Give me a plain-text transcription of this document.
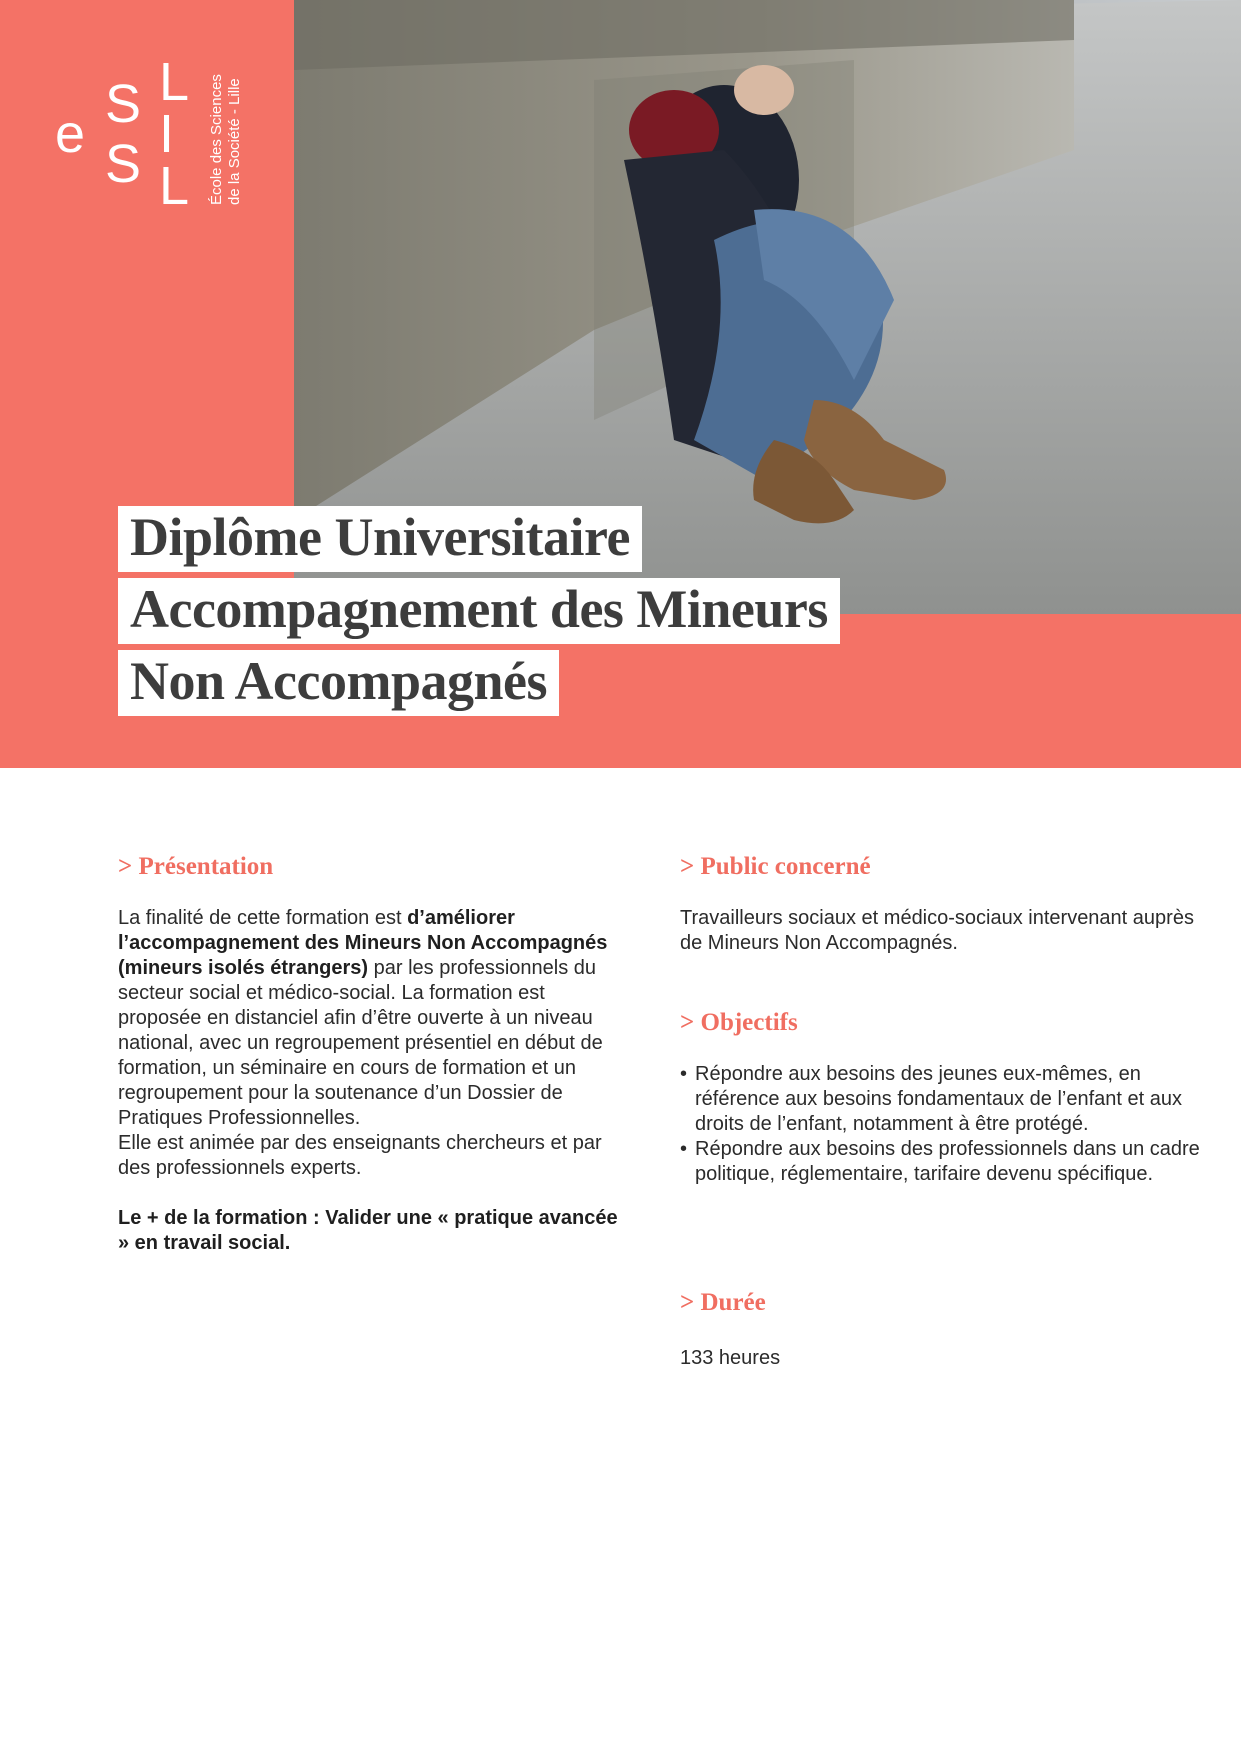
e S
S
L
I
L École des Sciences de la Société - Lille
Diplôme Universitaire
Accompagnement des Mineurs
Non Accompagnés
> Présentation

La finalité de cette formation est d’améliorer l’accompagnement des Mineurs Non Accompagnés (mineurs isolés étrangers) par les professionnels du secteur social et médico-social. La formation est proposée en distanciel afin d’être ouverte à un niveau national, avec un regroupement présentiel en début de formation, un séminaire en cours de formation et un regroupement pour la soutenance d’un Dossier de Pratiques Professionnelles.

Elle est animée par des enseignants chercheurs et par des professionnels experts.

Le + de la formation : Valider une « pratique avancée » en travail social.

> Public concerné
Travailleurs sociaux et médico-sociaux intervenant auprès de Mineurs Non Accompagnés.
> Objectifs
• Répondre aux besoins des jeunes eux-mêmes, en référence aux besoins fondamentaux de l’enfant et aux droits de l’enfant, notamment à être protégé.
• Répondre aux besoins des professionnels dans un cadre politique, réglementaire, tarifaire devenu spécifique.
> Durée
133 heures
